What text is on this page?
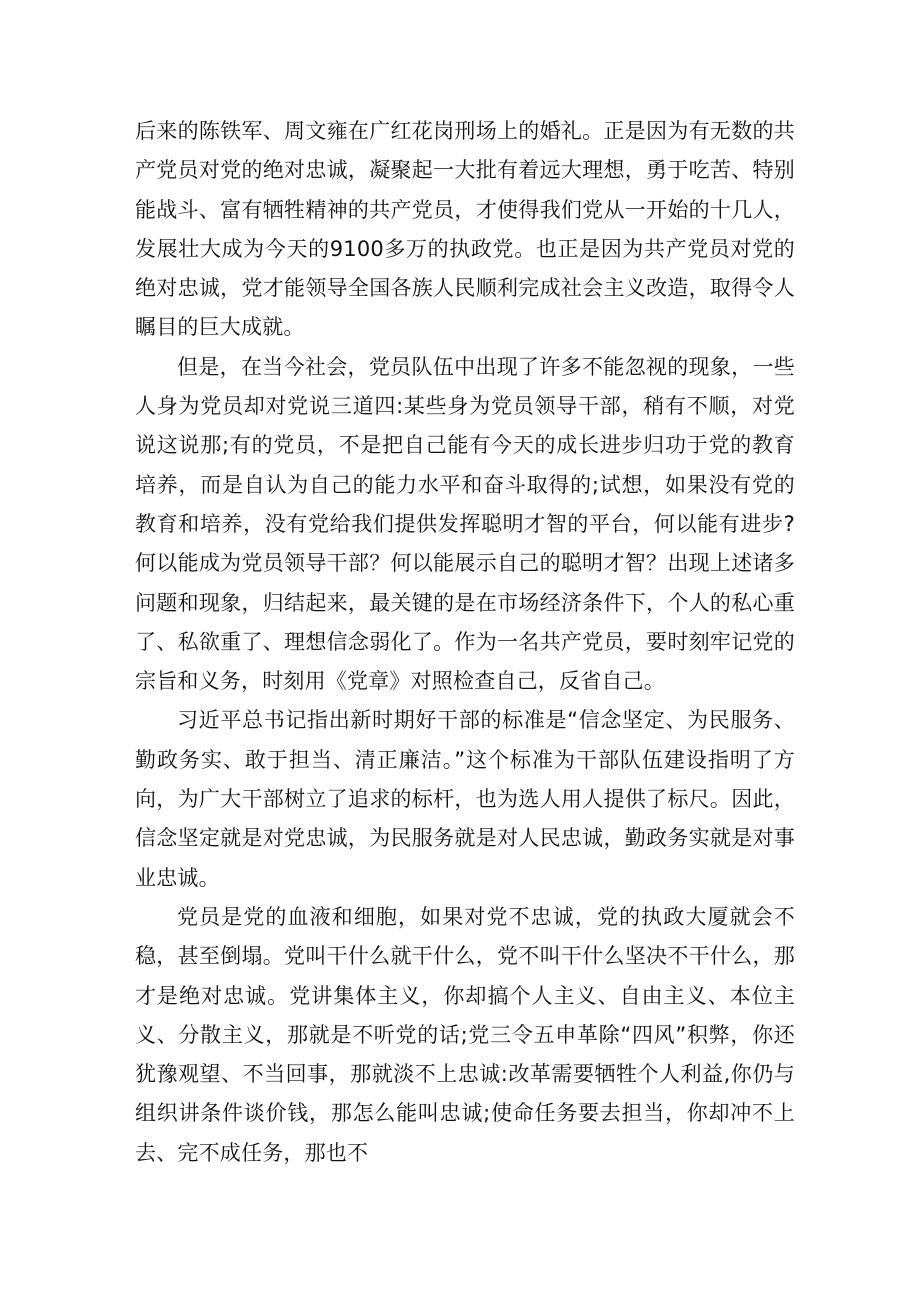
后来的陈铁军、周文雍在广红花岗刑场上的婚礼。正是因为有无数的共产党员对党的绝对忠诚，凝聚起一大批有着远大理想，勇于吃苦、特别能战斗、富有牺牲精神的共产党员，才使得我们党从一开始的十几人，发展壮大成为今天的9100多万的执政党。也正是因为共产党员对党的绝对忠诚，党才能领导全国各族人民顺利完成社会主义改造，取得令人瞩目的巨大成就。

但是，在当今社会，党员队伍中出现了许多不能忽视的现象，一些人身为党员却对党说三道四:某些身为党员领导干部，稍有不顺，对党说这说那;有的党员，不是把自己能有今天的成长进步归功于党的教育培养，而是自认为自己的能力水平和奋斗取得的;试想，如果没有党的教育和培养，没有党给我们提供发挥聪明才智的平台，何以能有进步?何以能成为党员领导干部？何以能展示自己的聪明才智？出现上述诸多问题和现象，归结起来，最关键的是在市场经济条件下，个人的私心重了、私欲重了、理想信念弱化了。作为一名共产党员，要时刻牢记党的宗旨和义务，时刻用《党章》对照检查自己，反省自己。

习近平总书记指出新时期好干部的标准是“信念坚定、为民服务、勤政务实、敢于担当、清正廉洁。”这个标准为干部队伍建设指明了方向，为广大干部树立了追求的标杆，也为选人用人提供了标尺。因此，信念坚定就是对党忠诚，为民服务就是对人民忠诚，勤政务实就是对事业忠诚。

党员是党的血液和细胞，如果对党不忠诚，党的执政大厦就会不稳，甚至倒塌。党叫干什么就干什么，党不叫干什么坚决不干什么，那才是绝对忠诚。党讲集体主义，你却搞个人主义、自由主义、本位主义、分散主义，那就是不听党的话;党三令五申革除“四风”积弊，你还犹豫观望、不当回事，那就淡不上忠诚:改革需要牺牲个人利益,你仍与组织讲条件谈价钱，那怎么能叫忠诚;使命任务要去担当，你却冲不上去、完不成任务，那也不
